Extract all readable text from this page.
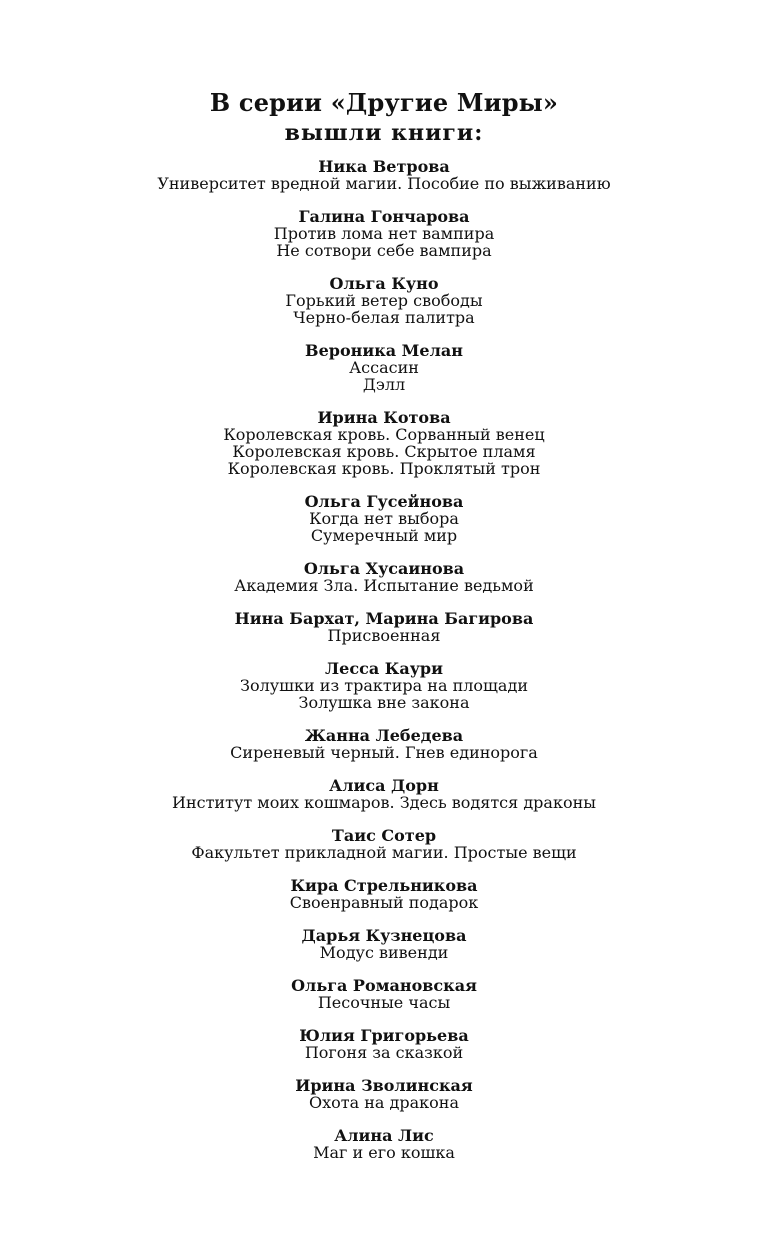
В серии «Другие Миры»
вышли книги:
Ника Ветрова
Университет вредной магии. Пособие по выживанию
Галина Гончарова
Против лома нет вампира
Не сотвори себе вампира
Ольга Куно
Горький ветер свободы
Черно-белая палитра
Вероника Мелан
Ассасин
Дэлл
Ирина Котова
Королевская кровь. Сорванный венец
Королевская кровь. Скрытое пламя
Королевская кровь. Проклятый трон
Ольга Гусейнова
Когда нет выбора
Сумеречный мир
Ольга Хусаинова
Академия Зла. Испытание ведьмой
Нина Бархат, Марина Багирова
Присвоенная
Лесса Каури
Золушки из трактира на площади
Золушка вне закона
Жанна Лебедева
Сиреневый черный. Гнев единорога
Алиса Дорн
Институт моих кошмаров. Здесь водятся драконы
Таис Сотер
Факультет прикладной магии. Простые вещи
Кира Стрельникова
Своенравный подарок
Дарья Кузнецова
Модус вивенди
Ольга Романовская
Песочные часы
Юлия Григорьева
Погоня за сказкой
Ирина Зволинская
Охота на дракона
Алина Лис
Маг и его кошка
